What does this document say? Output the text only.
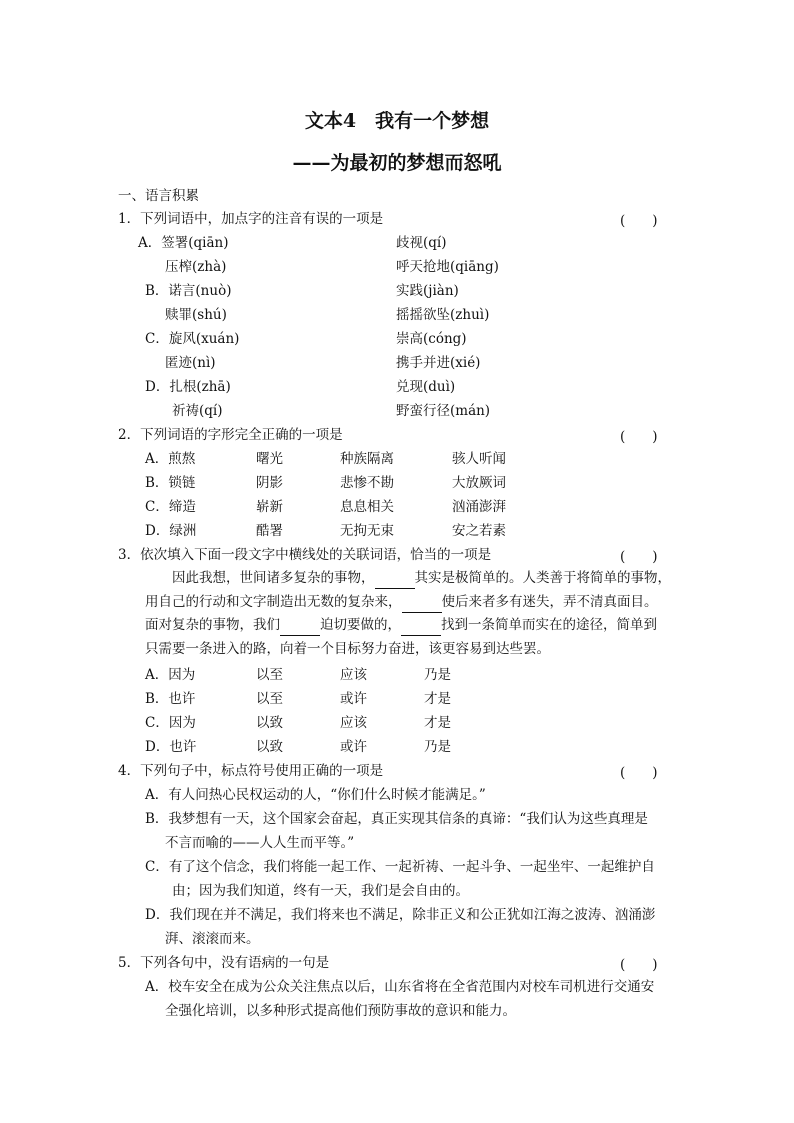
文本4　我有一个梦想
——为最初的梦想而怒吼
一、语言积累
1．下列词语中，加点字的注音有误的一项是	(　　)
A．签署(qiān)	歧视(qí)
压榨(zhà)	呼天抢地(qiāng)
B．诺言(nuò)	实践(jiàn)
赎罪(shú)	摇摇欲坠(zhuì)
C．旋风(xuán)	崇高(cóng)
匿迹(nì)	携手并进(xié)
D．扎根(zhā)	兑现(duì)
祈祷(qí)	野蛮行径(mán)
2．下列词语的字形完全正确的一项是	(　　)
A．煎熬	曙光	种族隔离	骇人听闻
B．锁链	阴影	悲惨不勘	大放厥词
C．缔造	崭新	息息相关	汹涌澎湃
D．绿洲	酷署	无拘无束	安之若素
3．依次填入下面一段文字中横线处的关联词语，恰当的一项是	(　　)
因此我想，世间诸多复杂的事物，	其实是极简单的。人类善于将简单的事物，
用自己的行动和文字制造出无数的复杂来，	使后来者多有迷失，弄不清真面目。
面对复杂的事物，我们	迫切要做的，	找到一条简单而实在的途径，简单到
只需要一条进入的路，向着一个目标努力奋进，该更容易到达些罢。
A．因为	以至	应该	乃是
B．也许	以至	或许	才是
C．因为	以致	应该	才是
D．也许	以致	或许	乃是
4．下列句子中，标点符号使用正确的一项是	(　　)
A．有人问热心民权运动的人，“你们什么时候才能满足。”
B．我梦想有一天，这个国家会奋起，真正实现其信条的真谛：“我们认为这些真理是
不言而喻的——人人生而平等。”
C．有了这个信念，我们将能一起工作、一起祈祷、一起斗争、一起坐牢、一起维护自
由；因为我们知道，终有一天，我们是会自由的。
D．我们现在并不满足，我们将来也不满足，除非正义和公正犹如江海之波涛、汹涌澎
湃、滚滚而来。
5．下列各句中，没有语病的一句是	(　　)
A．校车安全在成为公众关注焦点以后，山东省将在全省范围内对校车司机进行交通安
全强化培训，以多种形式提高他们预防事故的意识和能力。
